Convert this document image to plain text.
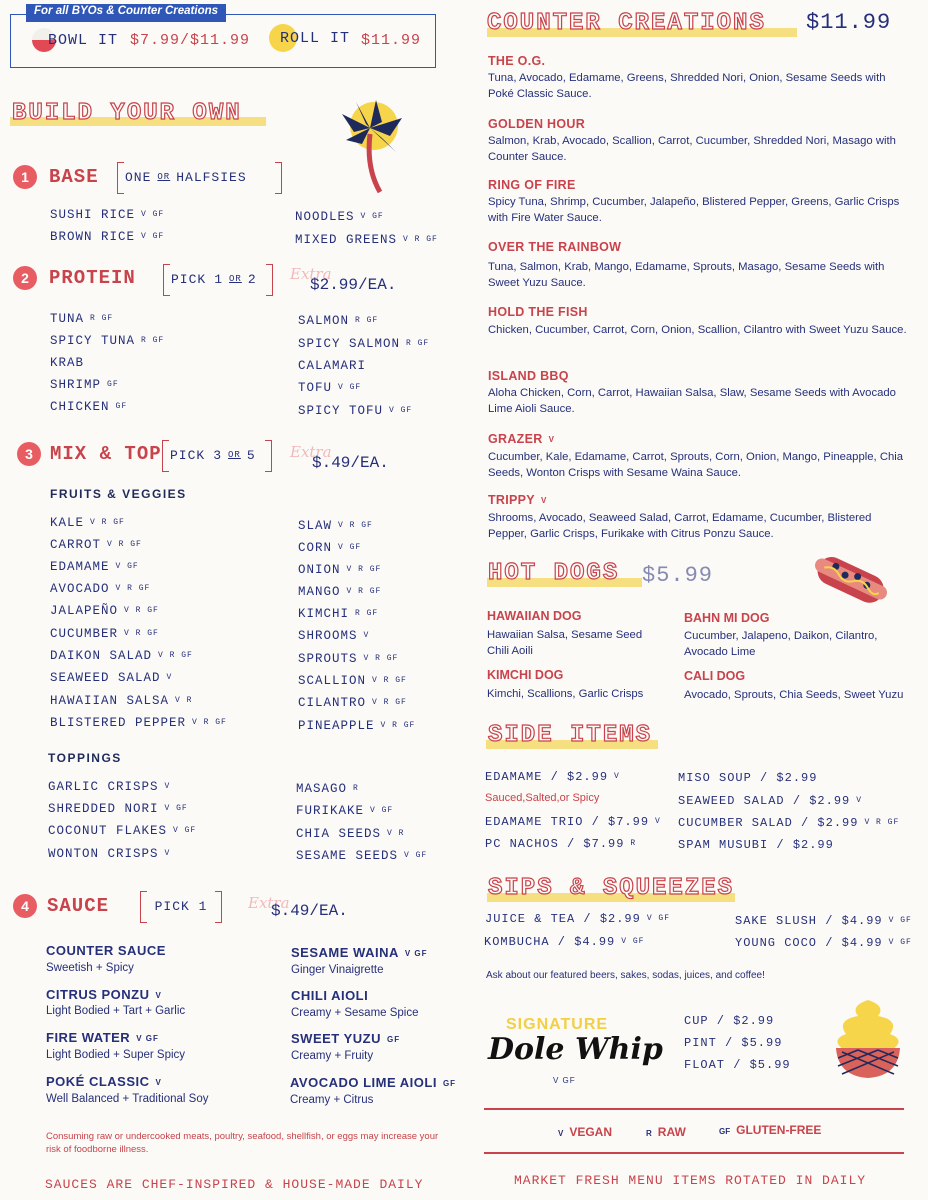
For all BYOs & Counter Creations
BOWL IT $7.99/$11.99 ROLL IT $11.99
BUILD YOUR OWN
1	BASE ONE OR HALFSIES
SUSHI RICE V GF
BROWN RICE V GF
NOODLES V GF
MIXED GREENS V R GF
2	PROTEIN	PICK 1 OR 2 Extra
$2.99/EA.
TUNA R GF
SPICY TUNA R GF
KRAB
SHRIMP GF
CHICKEN GF
SALMON R GF
SPICY SALMON R GF
CALAMARI
TOFU V GF
SPICY TOFU V GF
3 MIX & TOP PICK 3 OR 5 Extra
$.49/EA.
FRUITS & VEGGIES
KALE V R GF
CARROT V R GF
EDAMAME V GF
AVOCADO V R GF
JALAPEÑO V R GF
CUCUMBER V R GF
DAIKON SALAD V R GF
SEAWEED SALAD V
HAWAIIAN SALSA V R
BLISTERED PEPPER V R GF
SLAW V R GF
CORN V GF
ONION V R GF
MANGO V R GF
KIMCHI R GF
SHROOMS V
SPROUTS V R GF
SCALLION V R GF
CILANTRO V R GF
PINEAPPLE V R GF
TOPPINGS
GARLIC CRISPS V
SHREDDED NORI V GF
COCONUT FLAKES V GF
WONTON CRISPS V
MASAGO R
FURIKAKE V GF
CHIA SEEDS V R
SESAME SEEDS V GF
4 SAUCE	PICK 1	Extra
$.49/EA.
COUNTER SAUCE
Sweetish + Spicy
CITRUS PONZU V
Light Bodied + Tart + Garlic
FIRE WATER V GF
Light Bodied + Super Spicy
POKÉ CLASSIC V
Well Balanced + Traditional Soy
SESAME WAINA V GF
Ginger Vinaigrette
CHILI AIOLI
Creamy + Sesame Spice
SWEET YUZU GF
Creamy + Fruity
AVOCADO LIME AIOLI GF
Creamy + Citrus
Consuming raw or undercooked meats, poultry, seafood, shellfish, or eggs may increase your risk of foodborne illness.
SAUCES ARE CHEF-INSPIRED & HOUSE-MADE DAILY
COUNTER CREATIONS $11.99
THE O.G.
Tuna, Avocado, Edamame, Greens, Shredded Nori, Onion, Sesame Seeds with Poké Classic Sauce.
GOLDEN HOUR
Salmon, Krab, Avocado, Scallion, Carrot, Cucumber, Shredded Nori, Masago with Counter Sauce.
RING OF FIRE
Spicy Tuna, Shrimp, Cucumber, Jalapeño, Blistered Pepper, Greens, Garlic Crisps with Fire Water Sauce.
OVER THE RAINBOW
Tuna, Salmon, Krab, Mango, Edamame, Sprouts, Masago, Sesame Seeds with Sweet Yuzu Sauce.
HOLD THE FISH
Chicken, Cucumber, Carrot, Corn, Onion, Scallion, Cilantro with Sweet Yuzu Sauce.
ISLAND BBQ
Aloha Chicken, Corn, Carrot, Hawaiian Salsa, Slaw, Sesame Seeds with Avocado Lime Aioli Sauce.
GRAZER V
Cucumber, Kale, Edamame, Carrot, Sprouts, Corn, Onion, Mango, Pineapple, Chia Seeds, Wonton Crisps with Sesame Waina Sauce.
TRIPPY V
Shrooms, Avocado, Seaweed Salad, Carrot, Edamame, Cucumber, Blistered Pepper, Garlic Crisps, Furikake with Citrus Ponzu Sauce.
HOT DOGS $5.99
HAWAIIAN DOG
Hawaiian Salsa, Sesame Seed Chili Aoili
BAHN MI DOG
Cucumber, Jalapeno, Daikon, Cilantro, Avocado Lime
KIMCHI DOG
Kimchi, Scallions, Garlic Crisps
CALI DOG
Avocado, Sprouts, Chia Seeds, Sweet Yuzu
SIDE ITEMS
EDAMAME / $2.99 V
Sauced,Salted,or Spicy
EDAMAME TRIO / $7.99 V
PC NACHOS / $7.99 R
MISO SOUP / $2.99
SEAWEED SALAD / $2.99 V
CUCUMBER SALAD / $2.99 V R GF
SPAM MUSUBI / $2.99
SIPS & SQUEEZES
JUICE & TEA / $2.99 V GF
KOMBUCHA / $4.99 V GF
SAKE SLUSH / $4.99 V GF
YOUNG COCO / $4.99 V GF
Ask about our featured beers, sakes, sodas, juices, and coffee!
SIGNATURE
Dole Whip
V GF
CUP / $2.99
PINT / $5.99
FLOAT / $5.99
V VEGAN	R RAW	GF GLUTEN-FREE
MARKET FRESH MENU ITEMS ROTATED IN DAILY
